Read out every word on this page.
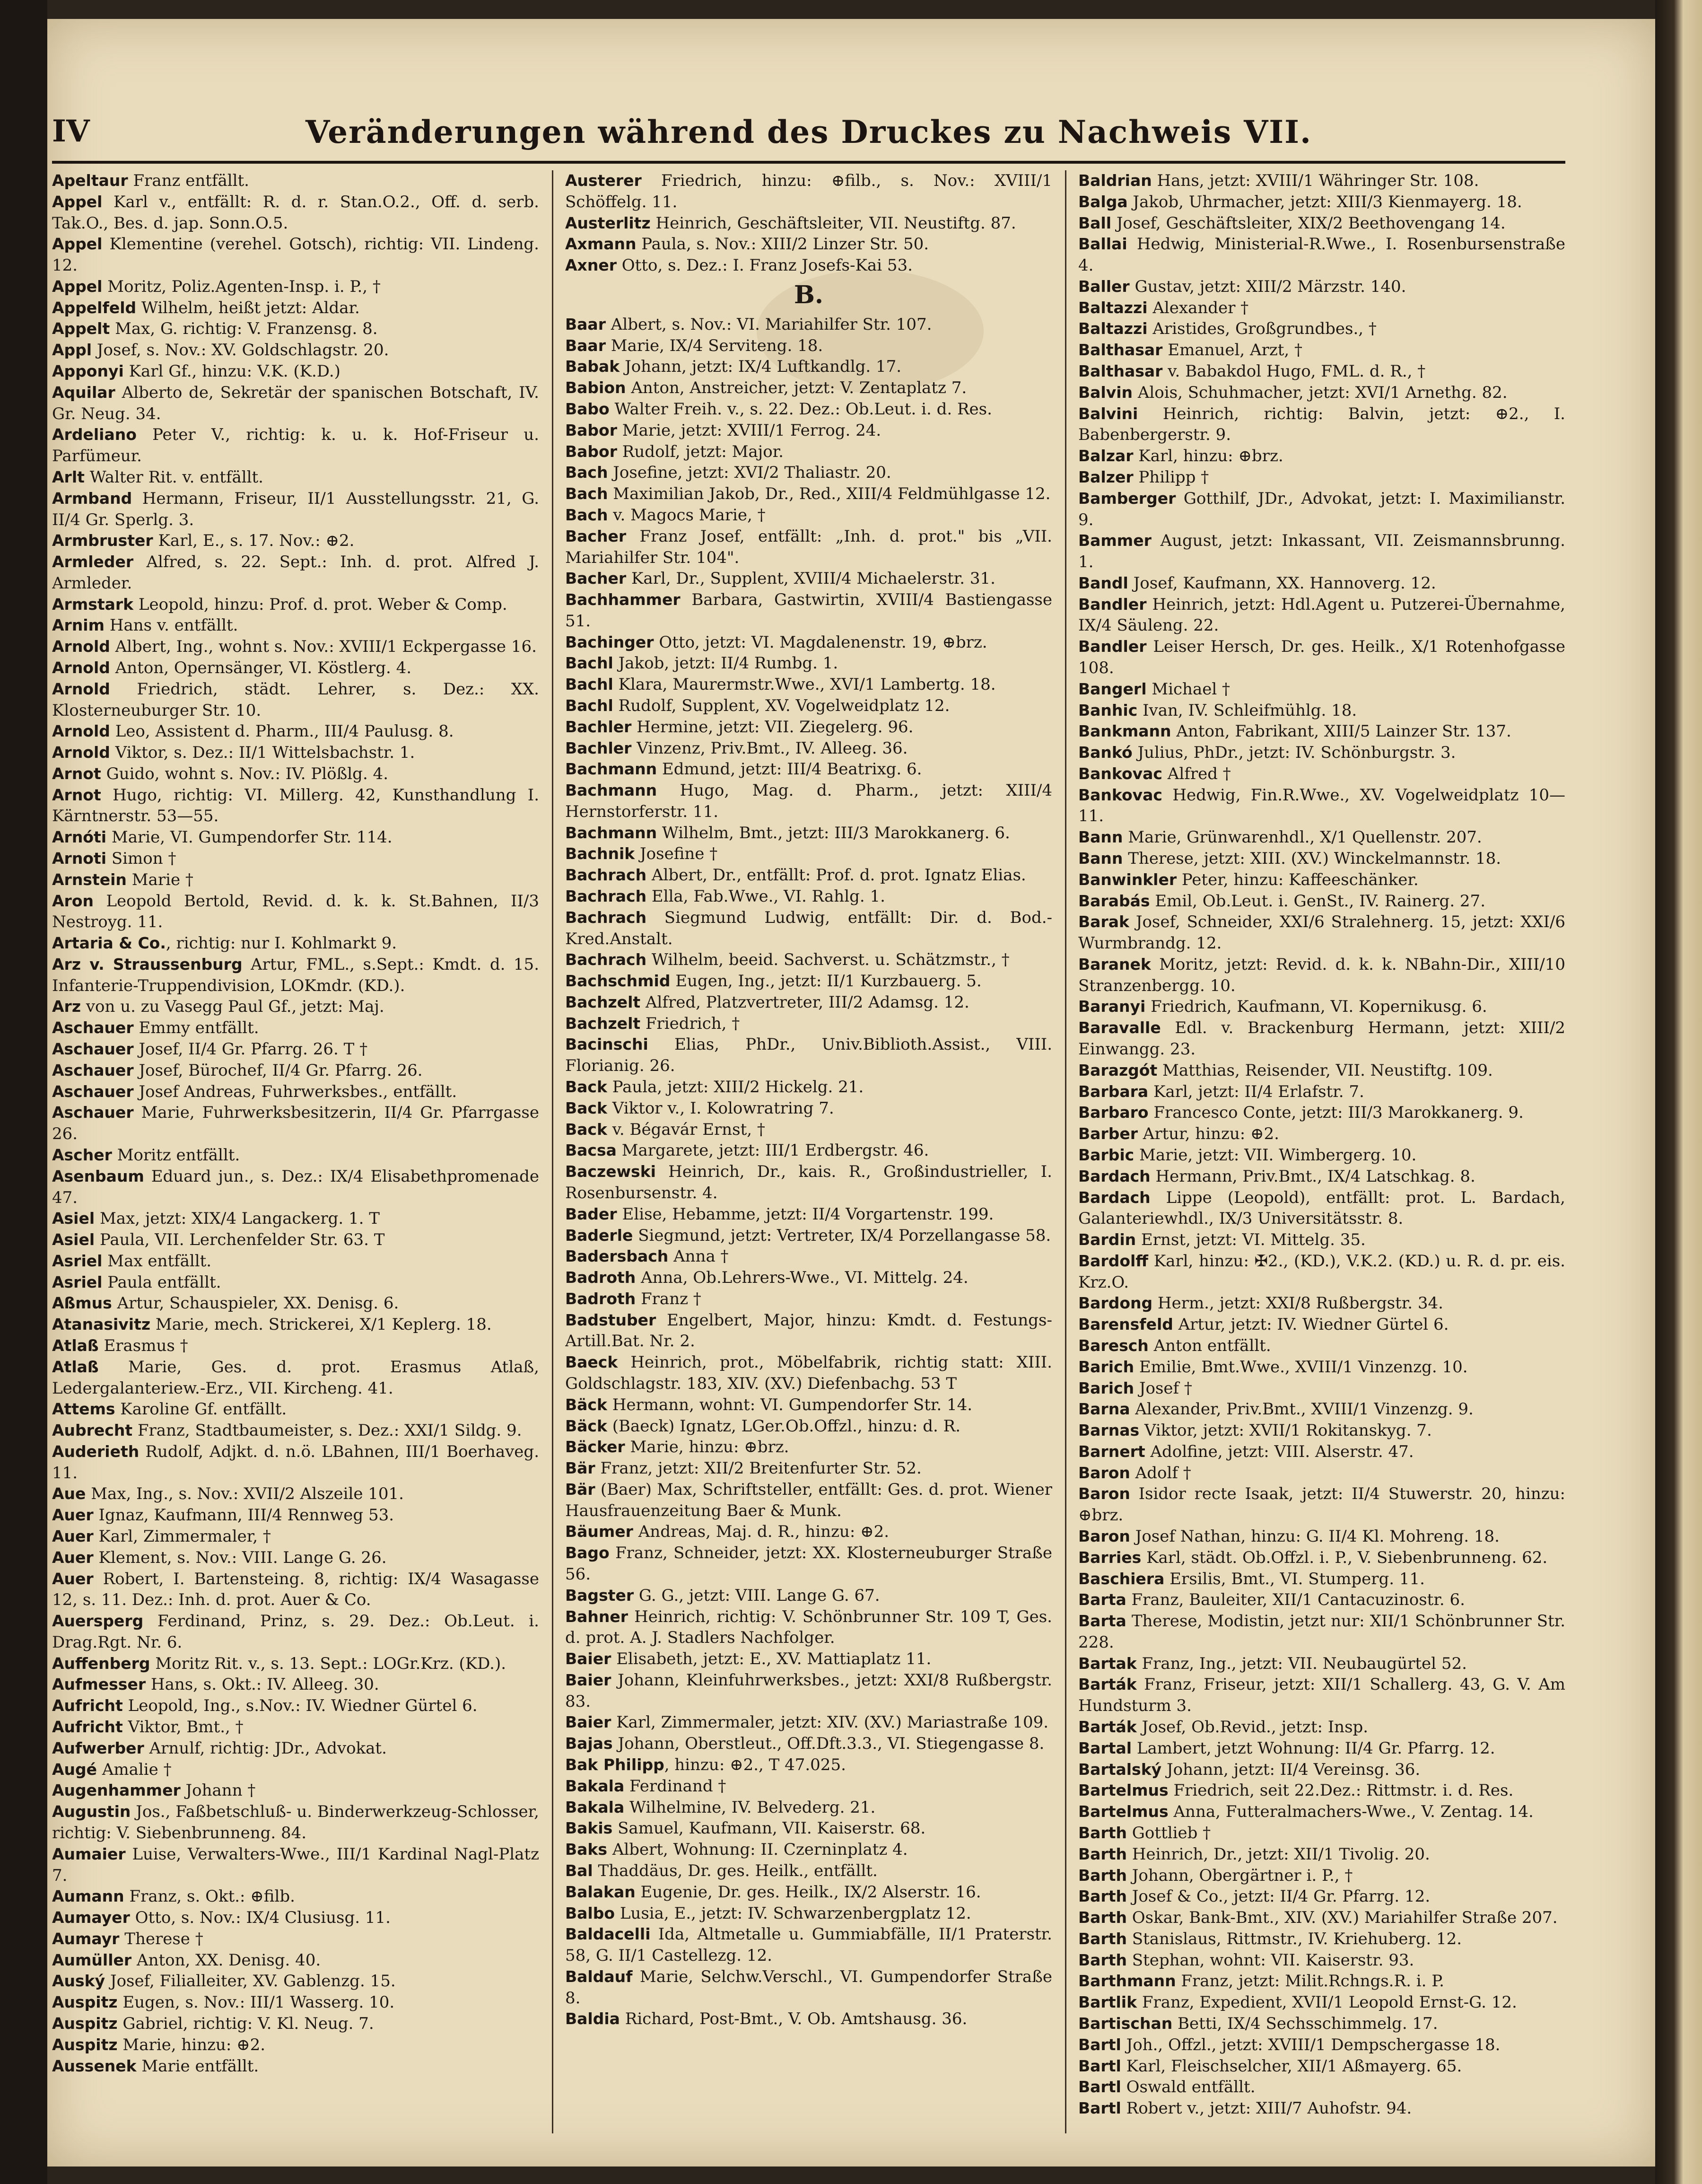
IV	Veränderungen während des Druckes zu Nachweis VII.

Apeltaur Franz entfällt.

Appel Karl v., entfällt: R. d. r. Stan.O.2., Off. d. serb. Tak.O., Bes. d. jap. Sonn.O.5.

Appel Klementine (verehel. Gotsch), richtig: VII. Lindeng. 12.

Appel Moritz, Poliz.Agenten-Insp. i. P., †

Appelfeld Wilhelm, heißt jetzt: Aldar.

Appelt Max, G. richtig: V. Franzensg. 8.

Appl Josef, s. Nov.: XV. Goldschlagstr. 20.

Apponyi Karl Gf., hinzu: V.K. (K.D.)

Aquilar Alberto de, Sekretär der spanischen Botschaft, IV. Gr. Neug. 34.

Ardeliano Peter V., richtig: k. u. k. Hof-Friseur u. Parfümeur.

Arlt Walter Rit. v. entfällt.

Armband Hermann, Friseur, II/1 Ausstellungsstr. 21, G. II/4 Gr. Sperlg. 3.

Armbruster Karl, E., s. 17. Nov.: ⊕2.

Armleder Alfred, s. 22. Sept.: Inh. d. prot. Alfred J. Armleder.

Armstark Leopold, hinzu: Prof. d. prot. Weber & Comp.

Arnim Hans v. entfällt.

Arnold Albert, Ing., wohnt s. Nov.: XVIII/1 Eckpergasse 16.

Arnold Anton, Opernsänger, VI. Köstlerg. 4.

Arnold Friedrich, städt. Lehrer, s. Dez.: XX. Klosterneuburger Str. 10.

Arnold Leo, Assistent d. Pharm., III/4 Paulusg. 8.

Arnold Viktor, s. Dez.: II/1 Wittelsbachstr. 1.

Arnot Guido, wohnt s. Nov.: IV. Plößlg. 4.

Arnot Hugo, richtig: VI. Millerg. 42, Kunsthandlung I. Kärntnerstr. 53—55.

Arnóti Marie, VI. Gumpendorfer Str. 114.

Arnoti Simon †

Arnstein Marie †

Aron Leopold Bertold, Revid. d. k. k. St.Bahnen, II/3 Nestroyg. 11.

Artaria & Co., richtig: nur I. Kohlmarkt 9.

Arz v. Straussenburg Artur, FML., s.Sept.: Kmdt. d. 15. Infanterie-Truppendivision, LOKmdr. (KD.).

Arz von u. zu Vasegg Paul Gf., jetzt: Maj.

Aschauer Emmy entfällt.

Aschauer Josef, II/4 Gr. Pfarrg. 26. T †

Aschauer Josef, Bürochef, II/4 Gr. Pfarrg. 26.

Aschauer Josef Andreas, Fuhrwerksbes., entfällt.

Aschauer Marie, Fuhrwerksbesitzerin, II/4 Gr. Pfarrgasse 26.

Ascher Moritz entfällt.

Asenbaum Eduard jun., s. Dez.: IX/4 Elisabethpromenade 47.

Asiel Max, jetzt: XIX/4 Langackerg. 1. T

Asiel Paula, VII. Lerchenfelder Str. 63. T

Asriel Max entfällt.

Asriel Paula entfällt.

Aßmus Artur, Schauspieler, XX. Denisg. 6.

Atanasivitz Marie, mech. Strickerei, X/1 Keplerg. 18.

Atlaß Erasmus †

Atlaß Marie, Ges. d. prot. Erasmus Atlaß, Ledergalanteriew.-Erz., VII. Kircheng. 41.

Attems Karoline Gf. entfällt.

Aubrecht Franz, Stadtbaumeister, s. Dez.: XXI/1 Sildg. 9.

Auderieth Rudolf, Adjkt. d. n.ö. LBahnen, III/1 Boerhaveg. 11.

Aue Max, Ing., s. Nov.: XVII/2 Alszeile 101.

Auer Ignaz, Kaufmann, III/4 Rennweg 53.

Auer Karl, Zimmermaler, †

Auer Klement, s. Nov.: VIII. Lange G. 26.

Auer Robert, I. Bartensteing. 8, richtig: IX/4 Wasagasse 12, s. 11. Dez.: Inh. d. prot. Auer & Co.

Auersperg Ferdinand, Prinz, s. 29. Dez.: Ob.Leut. i. Drag.Rgt. Nr. 6.

Auffenberg Moritz Rit. v., s. 13. Sept.: LOGr.Krz. (KD.).

Aufmesser Hans, s. Okt.: IV. Alleeg. 30.

Aufricht Leopold, Ing., s.Nov.: IV. Wiedner Gürtel 6.

Aufricht Viktor, Bmt., †

Aufwerber Arnulf, richtig: JDr., Advokat.

Augé Amalie †

Augenhammer Johann †

Augustin Jos., Faßbetschluß- u. Binderwerkzeug-Schlosser, richtig: V. Siebenbrunneng. 84.

Aumaier Luise, Verwalters-Wwe., III/1 Kardinal Nagl-Platz 7.

Aumann Franz, s. Okt.: ⊕filb.

Aumayer Otto, s. Nov.: IX/4 Clusiusg. 11.

Aumayr Therese †

Aumüller Anton, XX. Denisg. 40.

Auský Josef, Filialleiter, XV. Gablenzg. 15.

Auspitz Eugen, s. Nov.: III/1 Wasserg. 10.

Auspitz Gabriel, richtig: V. Kl. Neug. 7.

Auspitz Marie, hinzu: ⊕2.

Aussenek Marie entfällt.

Austerer Friedrich, hinzu: ⊕filb., s. Nov.: XVIII/1 Schöffelg. 11.

Austerlitz Heinrich, Geschäftsleiter, VII. Neustiftg. 87.

Axmann Paula, s. Nov.: XIII/2 Linzer Str. 50.

Axner Otto, s. Dez.: I. Franz Josefs-Kai 53.

B.

Baar Albert, s. Nov.: VI. Mariahilfer Str. 107.

Baar Marie, IX/4 Serviteng. 18.

Babak Johann, jetzt: IX/4 Luftkandlg. 17.

Babion Anton, Anstreicher, jetzt: V. Zentaplatz 7.

Babo Walter Freih. v., s. 22. Dez.: Ob.Leut. i. d. Res.

Babor Marie, jetzt: XVIII/1 Ferrog. 24.

Babor Rudolf, jetzt: Major.

Bach Josefine, jetzt: XVI/2 Thaliastr. 20.

Bach Maximilian Jakob, Dr., Red., XIII/4 Feldmühlgasse 12.

Bach v. Magocs Marie, †

Bacher Franz Josef, entfällt: „Inh. d. prot." bis „VII. Mariahilfer Str. 104".

Bacher Karl, Dr., Supplent, XVIII/4 Michaelerstr. 31.

Bachhammer Barbara, Gastwirtin, XVIII/4 Bastiengasse 51.

Bachinger Otto, jetzt: VI. Magdalenenstr. 19, ⊕brz.

Bachl Jakob, jetzt: II/4 Rumbg. 1.

Bachl Klara, Maurermstr.Wwe., XVI/1 Lambertg. 18.

Bachl Rudolf, Supplent, XV. Vogelweidplatz 12.

Bachler Hermine, jetzt: VII. Ziegelerg. 96.

Bachler Vinzenz, Priv.Bmt., IV. Alleeg. 36.

Bachmann Edmund, jetzt: III/4 Beatrixg. 6.

Bachmann Hugo, Mag. d. Pharm., jetzt: XIII/4 Hernstorferstr. 11.

Bachmann Wilhelm, Bmt., jetzt: III/3 Marokkanerg. 6.

Bachnik Josefine †

Bachrach Albert, Dr., entfällt: Prof. d. prot. Ignatz Elias.

Bachrach Ella, Fab.Wwe., VI. Rahlg. 1.

Bachrach Siegmund Ludwig, entfällt: Dir. d. Bod.-Kred.Anstalt.

Bachrach Wilhelm, beeid. Sachverst. u. Schätzmstr., †

Bachschmid Eugen, Ing., jetzt: II/1 Kurzbauerg. 5.

Bachzelt Alfred, Platzvertreter, III/2 Adamsg. 12.

Bachzelt Friedrich, †

Bacinschi Elias, PhDr., Univ.Biblioth.Assist., VIII. Florianig. 26.

Back Paula, jetzt: XIII/2 Hickelg. 21.

Back Viktor v., I. Kolowratring 7.

Back v. Bégavár Ernst, †

Bacsa Margarete, jetzt: III/1 Erdbergstr. 46.

Baczewski Heinrich, Dr., kais. R., Großindustrieller, I. Rosenbursenstr. 4.

Bader Elise, Hebamme, jetzt: II/4 Vorgartenstr. 199.

Baderle Siegmund, jetzt: Vertreter, IX/4 Porzellangasse 58.

Badersbach Anna †

Badroth Anna, Ob.Lehrers-Wwe., VI. Mittelg. 24.

Badroth Franz †

Badstuber Engelbert, Major, hinzu: Kmdt. d. Festungs-Artill.Bat. Nr. 2.

Baeck Heinrich, prot., Möbelfabrik, richtig statt: XIII. Goldschlagstr. 183, XIV. (XV.) Diefenbachg. 53 T

Bäck Hermann, wohnt: VI. Gumpendorfer Str. 14.

Bäck (Baeck) Ignatz, LGer.Ob.Offzl., hinzu: d. R.

Bäcker Marie, hinzu: ⊕brz.

Bär Franz, jetzt: XII/2 Breitenfurter Str. 52.

Bär (Baer) Max, Schriftsteller, entfällt: Ges. d. prot. Wiener Hausfrauenzeitung Baer & Munk.

Bäumer Andreas, Maj. d. R., hinzu: ⊕2.

Bago Franz, Schneider, jetzt: XX. Klosterneuburger Straße 56.

Bagster G. G., jetzt: VIII. Lange G. 67.

Bahner Heinrich, richtig: V. Schönbrunner Str. 109 T, Ges. d. prot. A. J. Stadlers Nachfolger.

Baier Elisabeth, jetzt: E., XV. Mattiaplatz 11.

Baier Johann, Kleinfuhrwerksbes., jetzt: XXI/8 Rußbergstr. 83.

Baier Karl, Zimmermaler, jetzt: XIV. (XV.) Mariastraße 109.

Bajas Johann, Oberstleut., Off.Dft.3.3., VI. Stiegengasse 8.

Bak Philipp, hinzu: ⊕2., T 47.025.

Bakala Ferdinand †

Bakala Wilhelmine, IV. Belvederg. 21.

Bakis Samuel, Kaufmann, VII. Kaiserstr. 68.

Baks Albert, Wohnung: II. Czerninplatz 4.

Bal Thaddäus, Dr. ges. Heilk., entfällt.

Balakan Eugenie, Dr. ges. Heilk., IX/2 Alserstr. 16.

Balbo Lusia, E., jetzt: IV. Schwarzenbergplatz 12.

Baldacelli Ida, Altmetalle u. Gummiabfälle, II/1 Praterstr. 58, G. II/1 Castellezg. 12.

Baldauf Marie, Selchw.Verschl., VI. Gumpendorfer Straße 8.

Baldia Richard, Post-Bmt., V. Ob. Amtshausg. 36.

Baldrian Hans, jetzt: XVIII/1 Währinger Str. 108.

Balga Jakob, Uhrmacher, jetzt: XIII/3 Kienmayerg. 18.

Ball Josef, Geschäftsleiter, XIX/2 Beethovengang 14.

Ballai Hedwig, Ministerial-R.Wwe., I. Rosenbursenstraße 4.

Baller Gustav, jetzt: XIII/2 Märzstr. 140.

Baltazzi Alexander †

Baltazzi Aristides, Großgrundbes., †

Balthasar Emanuel, Arzt, †

Balthasar v. Babakdol Hugo, FML. d. R., †

Balvin Alois, Schuhmacher, jetzt: XVI/1 Arnethg. 82.

Balvini Heinrich, richtig: Balvin, jetzt: ⊕2., I. Babenbergerstr. 9.

Balzar Karl, hinzu: ⊕brz.

Balzer Philipp †

Bamberger Gotthilf, JDr., Advokat, jetzt: I. Maximilianstr. 9.

Bammer August, jetzt: Inkassant, VII. Zeismannsbrunng. 1.

Bandl Josef, Kaufmann, XX. Hannoverg. 12.

Bandler Heinrich, jetzt: Hdl.Agent u. Putzerei-Übernahme, IX/4 Säuleng. 22.

Bandler Leiser Hersch, Dr. ges. Heilk., X/1 Rotenhofgasse 108.

Bangerl Michael †

Banhic Ivan, IV. Schleifmühlg. 18.

Bankmann Anton, Fabrikant, XIII/5 Lainzer Str. 137.

Bankó Julius, PhDr., jetzt: IV. Schönburgstr. 3.

Bankovac Alfred †

Bankovac Hedwig, Fin.R.Wwe., XV. Vogelweidplatz 10—11.

Bann Marie, Grünwarenhdl., X/1 Quellenstr. 207.

Bann Therese, jetzt: XIII. (XV.) Winckelmannstr. 18.

Banwinkler Peter, hinzu: Kaffeeschänker.

Barabás Emil, Ob.Leut. i. GenSt., IV. Rainerg. 27.

Barak Josef, Schneider, XXI/6 Stralehnerg. 15, jetzt: XXI/6 Wurmbrandg. 12.

Baranek Moritz, jetzt: Revid. d. k. k. NBahn-Dir., XIII/10 Stranzenbergg. 10.

Baranyi Friedrich, Kaufmann, VI. Kopernikusg. 6.

Baravalle Edl. v. Brackenburg Hermann, jetzt: XIII/2 Einwangg. 23.

Barazgót Matthias, Reisender, VII. Neustiftg. 109.

Barbara Karl, jetzt: II/4 Erlafstr. 7.

Barbaro Francesco Conte, jetzt: III/3 Marokkanerg. 9.

Barber Artur, hinzu: ⊕2.

Barbic Marie, jetzt: VII. Wimbergerg. 10.

Bardach Hermann, Priv.Bmt., IX/4 Latschkag. 8.

Bardach Lippe (Leopold), entfällt: prot. L. Bardach, Galanteriewhdl., IX/3 Universitätsstr. 8.

Bardin Ernst, jetzt: VI. Mittelg. 35.

Bardolff Karl, hinzu: ✠2., (KD.), V.K.2. (KD.) u. R. d. pr. eis. Krz.O.

Bardong Herm., jetzt: XXI/8 Rußbergstr. 34.

Barensfeld Artur, jetzt: IV. Wiedner Gürtel 6.

Baresch Anton entfällt.

Barich Emilie, Bmt.Wwe., XVIII/1 Vinzenzg. 10.

Barich Josef †

Barna Alexander, Priv.Bmt., XVIII/1 Vinzenzg. 9.

Barnas Viktor, jetzt: XVII/1 Rokitanskyg. 7.

Barnert Adolfine, jetzt: VIII. Alserstr. 47.

Baron Adolf †

Baron Isidor recte Isaak, jetzt: II/4 Stuwerstr. 20, hinzu: ⊕brz.

Baron Josef Nathan, hinzu: G. II/4 Kl. Mohreng. 18.

Barries Karl, städt. Ob.Offzl. i. P., V. Siebenbrunneng. 62.

Baschiera Ersilis, Bmt., VI. Stumperg. 11.

Barta Franz, Bauleiter, XII/1 Cantacuzinostr. 6.

Barta Therese, Modistin, jetzt nur: XII/1 Schönbrunner Str. 228.

Bartak Franz, Ing., jetzt: VII. Neubaugürtel 52.

Barták Franz, Friseur, jetzt: XII/1 Schallerg. 43, G. V. Am Hundsturm 3.

Barták Josef, Ob.Revid., jetzt: Insp.

Bartal Lambert, jetzt Wohnung: II/4 Gr. Pfarrg. 12.

Bartalský Johann, jetzt: II/4 Vereinsg. 36.

Bartelmus Friedrich, seit 22.Dez.: Rittmstr. i. d. Res.

Bartelmus Anna, Futteralmachers-Wwe., V. Zentag. 14.

Barth Gottlieb †

Barth Heinrich, Dr., jetzt: XII/1 Tivolig. 20.

Barth Johann, Obergärtner i. P., †

Barth Josef & Co., jetzt: II/4 Gr. Pfarrg. 12.

Barth Oskar, Bank-Bmt., XIV. (XV.) Mariahilfer Straße 207.

Barth Stanislaus, Rittmstr., IV. Kriehuberg. 12.

Barth Stephan, wohnt: VII. Kaiserstr. 93.

Barthmann Franz, jetzt: Milit.Rchngs.R. i. P.

Bartlik Franz, Expedient, XVII/1 Leopold Ernst-G. 12.

Bartischan Betti, IX/4 Sechsschimmelg. 17.

Bartl Joh., Offzl., jetzt: XVIII/1 Dempschergasse 18.

Bartl Karl, Fleischselcher, XII/1 Aßmayerg. 65.

Bartl Oswald entfällt.

Bartl Robert v., jetzt: XIII/7 Auhofstr. 94.
